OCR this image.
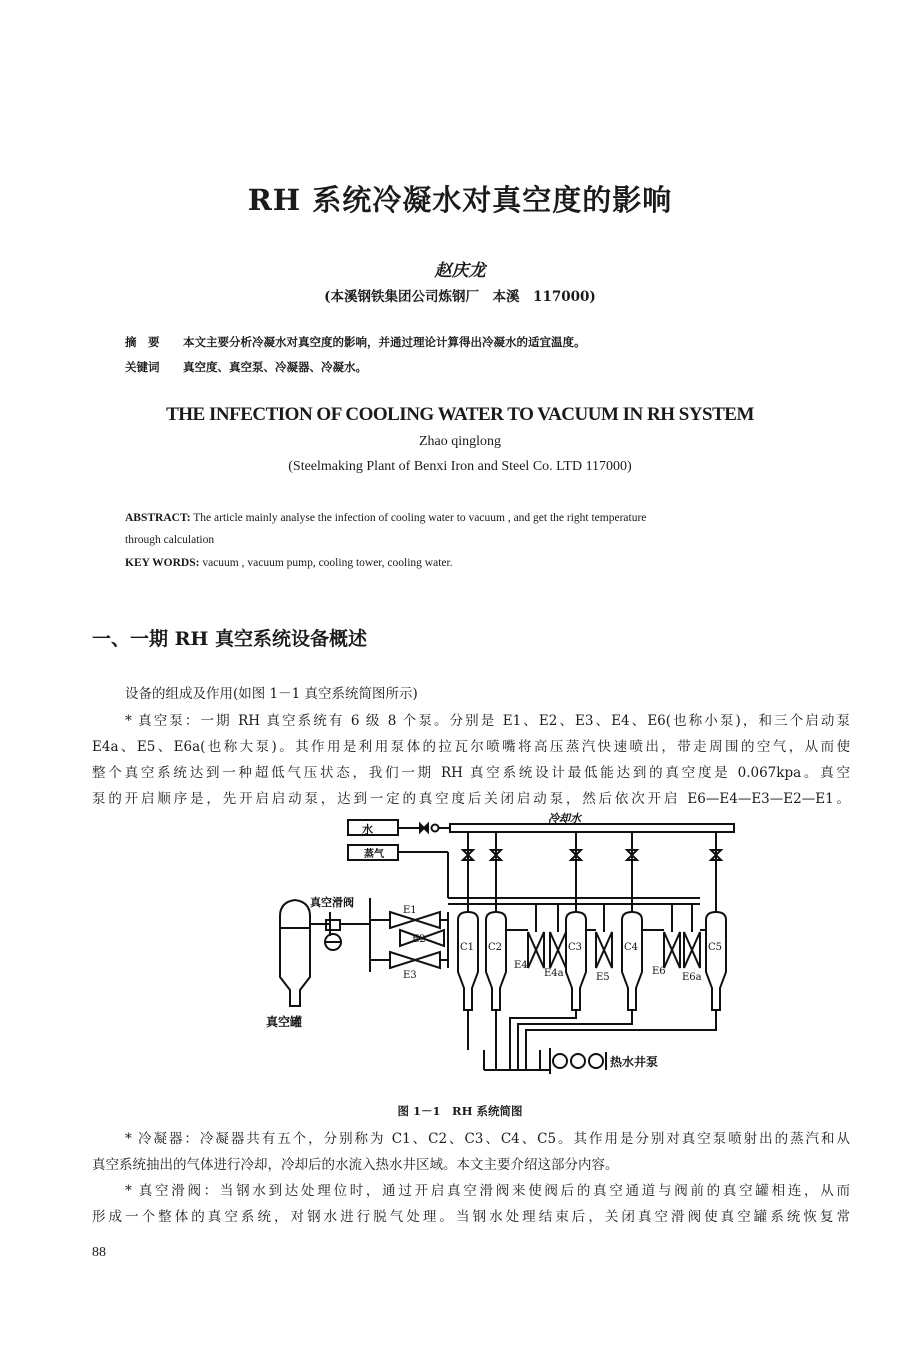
RH 系统冷凝水对真空度的影响
赵庆龙
(本溪钢铁集团公司炼钢厂　本溪　117000)
摘　要 本文主要分析冷凝水对真空度的影响，并通过理论计算得出冷凝水的适宜温度。
关键词 真空度、真空泵、冷凝器、冷凝水。
THE INFECTION OF COOLING WATER TO VACUUM IN RH SYSTEM
Zhao qinglong
(Steelmaking Plant of Benxi Iron and Steel Co. LTD 117000)
ABSTRACT: The article mainly analyse the infection of cooling water to vacuum , and get the right temperature
through calculation
KEY WORDS: vacuum , vacuum pump, cooling tower, cooling water.
一、一期 RH 真空系统设备概述
设备的组成及作用(如图 1－1 真空系统简图所示)
* 真空泵：一期 RH 真空系统有 6 级 8 个泵。分别是 E1、E2、E3、E4、E6(也称小泵)，和三个启动泵
E4a、E5、E6a(也称大泵)。其作用是利用泵体的拉瓦尔喷嘴将高压蒸汽快速喷出，带走周围的空气，从而使
整个真空系统达到一种超低气压状态，我们一期 RH 真空系统设计最低能达到的真空度是 0.067kpa。真空
泵的开启顺序是，先开启启动泵，达到一定的真空度后关闭启动泵，然后依次开启 E6—E4—E3—E2—E1。
水
蒸气
冷却水
真空滑阀
真空罐
热水井泵
E1
E2
E3
E4
E4a	E5
E6
E6a
C1 C2	C3	C4	C5
图 1－1　RH 系统简图
* 冷凝器：冷凝器共有五个，分别称为 C1、C2、C3、C4、C5。其作用是分别对真空泵喷射出的蒸汽和从
真空系统抽出的气体进行冷却，冷却后的水流入热水井区域。本文主要介绍这部分内容。
* 真空滑阀：当钢水到达处理位时，通过开启真空滑阀来使阀后的真空通道与阀前的真空罐相连，从而
形成一个整体的真空系统，对钢水进行脱气处理。当钢水处理结束后，关闭真空滑阀使真空罐系统恢复常
88
